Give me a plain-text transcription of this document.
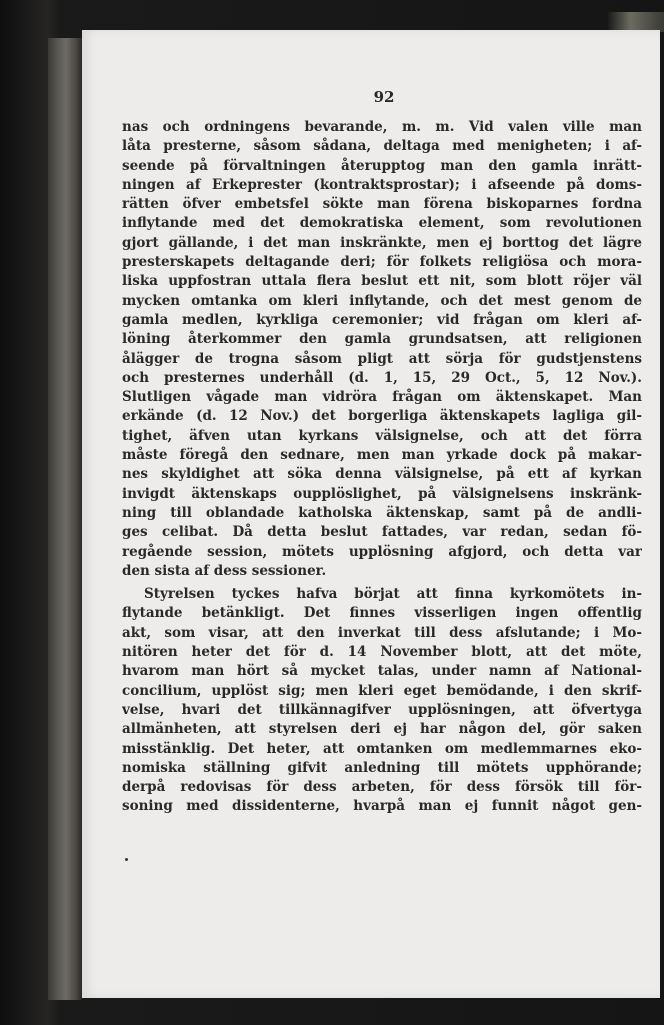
92
nas och ordningens bevarande, m. m. Vid valen ville man
låta presterne, såsom sådana, deltaga med menigheten; i af-
seende på förvaltningen återupptog man den gamla inrätt-
ningen af Erkeprester (kontraktsprostar); i afseende på doms-
rätten öfver embetsfel sökte man förena biskoparnes fordna
inflytande med det demokratiska element, som revolutionen
gjort gällande, i det man inskränkte, men ej borttog det lägre
presterskapets deltagande deri; för folkets religiösa och mora-
liska uppfostran uttala flera beslut ett nit, som blott röjer väl
mycken omtanka om kleri inflytande, och det mest genom de
gamla medlen, kyrkliga ceremonier; vid frågan om kleri af-
löning återkommer den gamla grundsatsen, att religionen
ålägger de trogna såsom pligt att sörja för gudstjenstens
och presternes underhåll (d. 1, 15, 29 Oct., 5, 12 Nov.).
Slutligen vågade man vidröra frågan om äktenskapet. Man
erkände (d. 12 Nov.) det borgerliga äktenskapets lagliga gil-
tighet, äfven utan kyrkans välsignelse, och att det förra
måste föregå den sednare, men man yrkade dock på makar-
nes skyldighet att söka denna välsignelse, på ett af kyrkan
invigdt äktenskaps oupplöslighet, på välsignelsens inskränk-
ning till oblandade katholska äktenskap, samt på de andli-
ges celibat. Då detta beslut fattades, var redan, sedan fö-
regående session, mötets upplösning afgjord, och detta var
den sista af dess sessioner.
Styrelsen tyckes hafva börjat att finna kyrkomötets in-
flytande betänkligt. Det finnes visserligen ingen offentlig
akt, som visar, att den inverkat till dess afslutande; i Mo-
nitören heter det för d. 14 November blott, att det möte,
hvarom man hört så mycket talas, under namn af National-
concilium, upplöst sig; men kleri eget bemödande, i den skrif-
velse, hvari det tillkännagifver upplösningen, att öfvertyga
allmänheten, att styrelsen deri ej har någon del, gör saken
misstänklig. Det heter, att omtanken om medlemmarnes eko-
nomiska ställning gifvit anledning till mötets upphörande;
derpå redovisas för dess arbeten, för dess försök till för-
soning med dissidenterne, hvarpå man ej funnit något gen-
